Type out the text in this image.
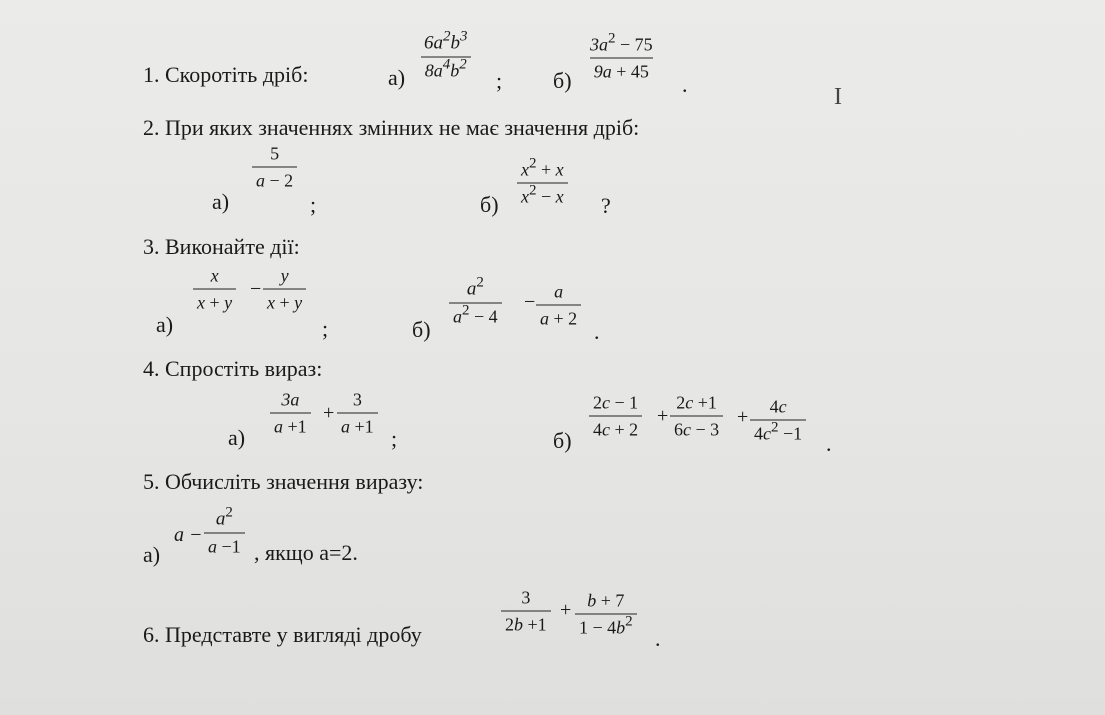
1. Скоротіть дріб:	$а) \frac{6a^2b^3}{8a^4b^2}$ ; $б) \frac{3a^2 - 75}{9a + 45}$
.	I
2. При яких значеннях змінних не має значення дріб:
а)
$\frac{5}{a - 2}$
;	$б) \frac{x^2 + x}{x^2 - x}$ ?
3. Виконайте дії:
а)
$\frac{x}{x + y} - \frac{y}{x + y}$
;	б)
$\frac{a^2}{a^2 - 4} - \frac{a}{a + 2}$
.
4. Спростіть вираз:
а)
$\frac{3a}{a +1} + \frac{3}{a +1}$
;	б)
$\frac{2c - 1}{4c + 2} + \frac{2c +1}{6c - 3} + \frac{4c}{4c^2 -1}$ .
5. Обчисліть значення виразу:
а)
$a - \frac{a^2}{a -1}$ , якщо а=2.
6. Представте у вигляді дробу	$\frac{3}{2b +1} + \frac{b + 7}{1 - 4b^2}$
.
